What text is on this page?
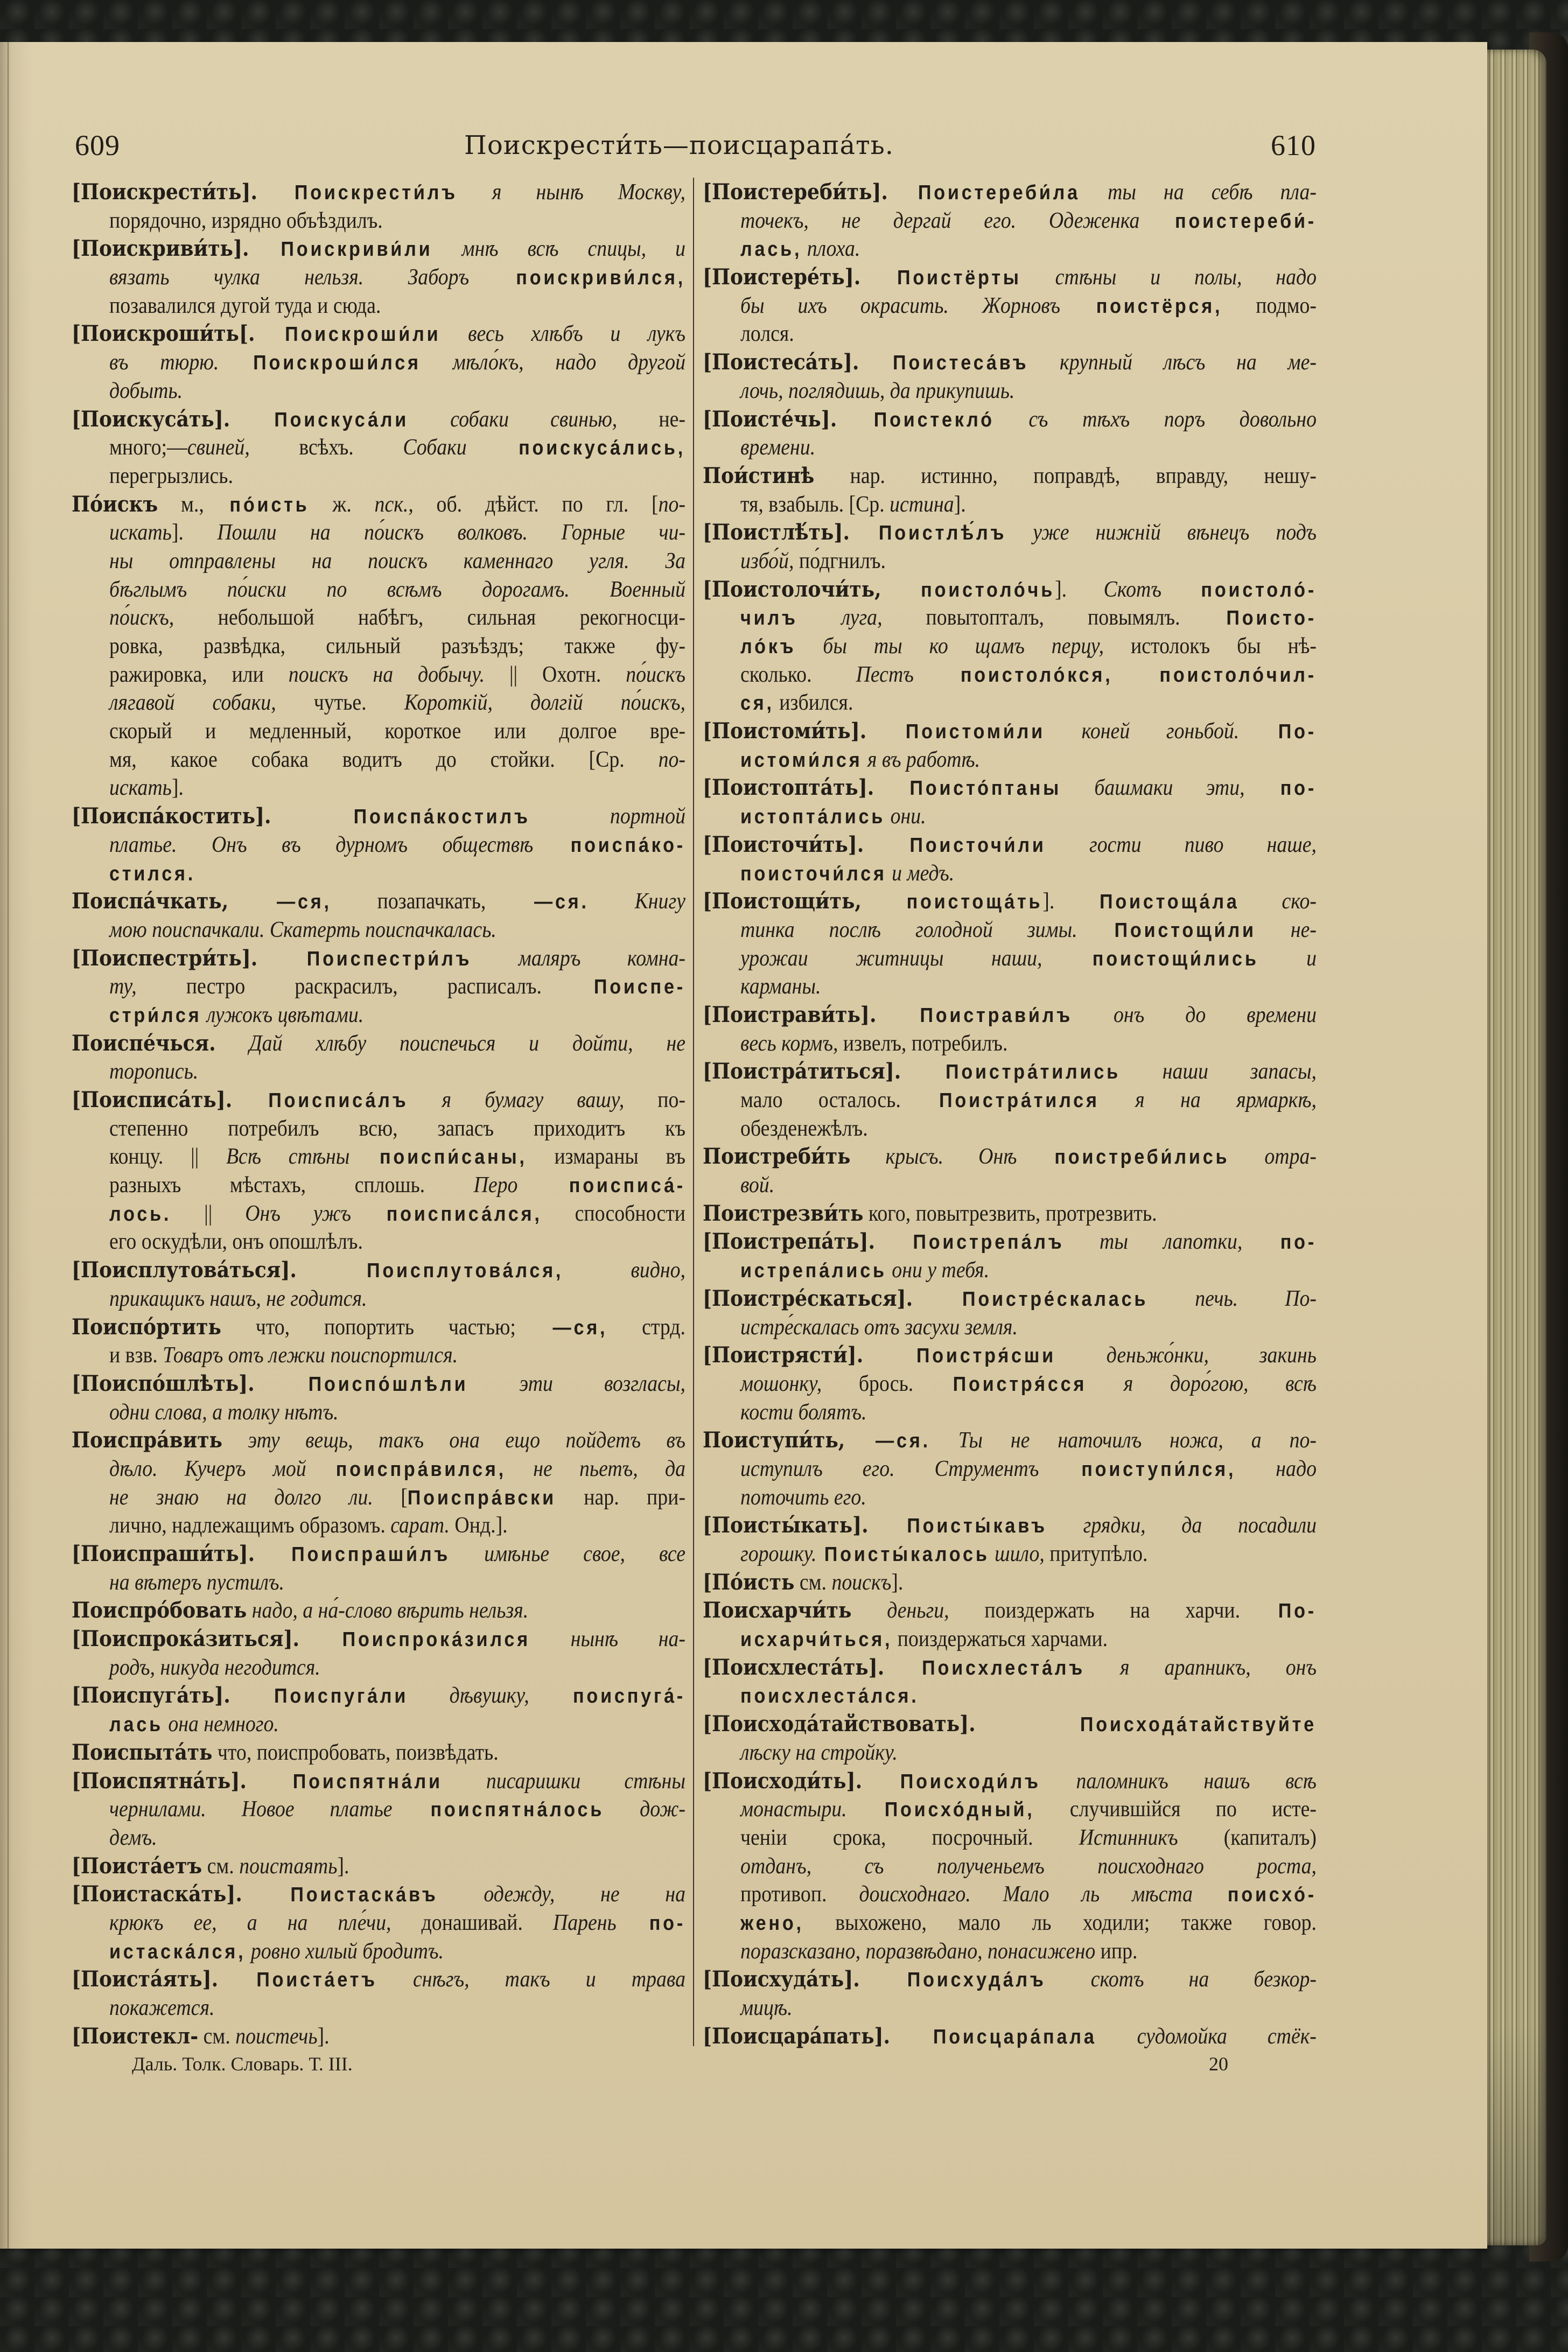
609	Поискрести́ть—поисцарапа́ть.	610
[Поискрести́ть]. Поискрести́лъ я нынѣ Москву,
порядочно, изрядно объѣздилъ.
[Поискриви́ть]. Поискриви́ли мнѣ всѣ спицы, и
вязать чулка нельзя. Заборъ поискриви́лся,
позавалился дугой туда и сюда.
[Поискроши́ть[. Поискроши́ли весь хлѣбъ и лукъ
въ тюрю. Поискроши́лся мѣло́къ, надо другой
добыть.
[Поискуса́ть]. Поискуса́ли собаки свинью, не-
много;—свиней, всѣхъ. Собаки поискуса́лись,
перегрызлись.
По́искъ м., по́исть ж. пск., об. дѣйст. по гл. [по-
искать]. Пошли на по́искъ волковъ. Горные чи-
ны отправлены на поискъ каменнаго угля. За
бѣглымъ по́иски по всѣмъ дорогамъ. Военный
по́искъ, небольшой набѣгъ, сильная рекогносци-
ровка, развѣдка, сильный разъѣздъ; также фу-
ражировка, или поискъ на добычу. || Охотн. по́искъ
лягавой собаки, чутье. Короткій, долгій по́искъ,
скорый и медленный, короткое или долгое вре-
мя, какое собака водитъ до стойки. [Ср. по-
искать].
[Поиспа́костить]. Поиспа́костилъ портной
платье. Онъ въ дурномъ обществѣ поиспа́ко-
стился.
Поиспа́чкать, —ся, позапачкать, —ся. Книгу
мою поиспачкали. Скатерть поиспачкалась.
[Поиспестри́ть]. Поиспестри́лъ маляръ комна-
ту, пестро раскрасилъ, расписалъ. Поиспе-
стри́лся лужокъ цвѣтами.
Поиспе́чься. Дай хлѣбу поиспечься и дойти, не
торопись.
[Поисписа́ть]. Поисписа́лъ я бумагу вашу, по-
степенно потребилъ всю, запасъ приходитъ къ
концу. || Всѣ стѣны поиспи́саны, измараны въ
разныхъ мѣстахъ, сплошь. Перо поисписа́-
лось. || Онъ ужъ поисписа́лся, способности
его оскудѣли, онъ опошлѣлъ.
[Поисплутова́ться]. Поисплутова́лся, видно,
прикащикъ нашъ, не годится.
Поиспо́ртить что, попортить частью; —ся, стрд.
и взв. Товаръ отъ лежки поиспортился.
[Поиспо́шлѣть]. Поиспо́шлѣли эти возгласы,
одни слова, а толку нѣтъ.
Поиспра́вить эту вещь, такъ она ещо пойдетъ въ
дѣло. Кучеръ мой поиспра́вился, не пьетъ, да
не знаю на долго ли. [Поиспра́вски нар. при-
лично, надлежащимъ образомъ. сарат. Онд.].
[Поиспраши́ть]. Поиспраши́лъ имѣнье свое, все
на вѣтеръ пустилъ.
Поиспро́бовать надо, а на́-слово вѣрить нельзя.
[Поиспрока́зиться]. Поиспрока́зился нынѣ на-
родъ, никуда негодится.
[Поиспуга́ть]. Поиспуга́ли дѣвушку, поиспуга́-
лась она немного.
Поиспыта́ть что, поиспробовать, поизвѣдать.
[Поиспятна́ть]. Поиспятна́ли писаришки стѣны
чернилами. Новое платье поиспятна́лось дож-
демъ.
[Поиста́етъ см. поистаять].
[Поистаска́ть]. Поистаска́въ одежду, не на
крюкъ ее, а на пле́чи, донашивай. Парень по-
истаска́лся, ровно хилый бродитъ.
[Поиста́ять]. Поиста́етъ снѣгъ, такъ и трава
покажется.
[Поистекл- см. поистечь].
[Поистереби́ть]. Поистереби́ла ты на себѣ пла-
точекъ, не дергай его. Одеженка поистереби́-
лась, плоха.
[Поистере́ть]. Поистёрты стѣны и полы, надо
бы ихъ окрасить. Жорновъ поистёрся, подмо-
лолся.
[Поистеса́ть]. Поистеса́въ крупный лѣсъ на ме-
лочь, поглядишь, да прикупишь.
[Поисте́чь]. Поистекло́ съ тѣхъ поръ довольно
времени.
Пои́стинѣ нар. истинно, поправдѣ, вправду, нешу-
тя, взабыль. [Ср. истина].
[Поистлѣ́ть]. Поистлѣ́лъ уже нижній вѣнецъ подъ
избо́й, по́дгнилъ.
[Поистолочи́ть, поистоло́чь]. Скотъ поистоло́-
чилъ луга, повытопталъ, повымялъ. Поисто-
ло́къ бы ты ко щамъ перцу, истолокъ бы нѣ-
сколько. Пестъ поистоло́кся, поистоло́чил-
ся, избился.
[Поистоми́ть]. Поистоми́ли коней гоньбой. По-
истоми́лся я въ работѣ.
[Поистопта́ть]. Поисто́птаны башмаки эти, по-
истопта́лись они.
[Поисточи́ть]. Поисточи́ли гости пиво наше,
поисточи́лся и медъ.
[Поистощи́ть, поистоща́ть]. Поистоща́ла ско-
тинка послѣ голодной зимы. Поистощи́ли не-
урожаи житницы наши, поистощи́лись и
карманы.
[Поистрави́ть]. Поистрави́лъ онъ до времени
весь кормъ, извелъ, потребилъ.
[Поистра́титься]. Поистра́тились наши запасы,
мало осталось. Поистра́тился я на ярмаркѣ,
обезденежѣлъ.
Поистреби́ть крысъ. Онѣ поистреби́лись отра-
вой.
Поистрезви́ть кого, повытрезвить, протрезвить.
[Поистрепа́ть]. Поистрепа́лъ ты лапотки, по-
истрепа́лись они у тебя.
[Поистре́скаться]. Поистре́скалась печь. По-
истре́скалась отъ засухи земля.
[Поистрясти́]. Поистря́сши деньжо́нки, закинь
мошонку, брось. Поистря́сся я доро́гою, всѣ
кости болятъ.
Поиступи́ть, —ся. Ты не наточилъ ножа, а по-
иступилъ его. Струментъ поиступи́лся, надо
поточить его.
[Поисты́кать]. Поисты́кавъ грядки, да посадили
горошку. Поисты́калось шило, притупѣло.
[По́исть см. поискъ].
Поисхарчи́ть деньги, поиздержать на харчи. По-
исхарчи́ться, поиздержаться харчами.
[Поисхлеста́ть]. Поисхлеста́лъ я арапникъ, онъ
поисхлеста́лся.
[Поисхода́тайствовать]. Поисхода́тайствуйте
лѣску на стройку.
[Поисходи́ть]. Поисходи́лъ паломникъ нашъ всѣ
монастыри. Поисхо́дный, случившійся по исте-
ченіи срока, посрочный. Истинникъ (капиталъ)
отданъ, съ полученьемъ поисходнаго роста,
противоп. доисходнаго. Мало ль мѣста поисхо́-
жено, выхожено, мало ль ходили; также говор.
поразсказано, поразвѣдано, понасижено ипр.
[Поисхуда́ть]. Поисхуда́лъ скотъ на безкор-
мицѣ.
[Поисцара́пать]. Поисцара́пала судомойка стёк-
Даль. Толк. Словарь. Т. III.	20
